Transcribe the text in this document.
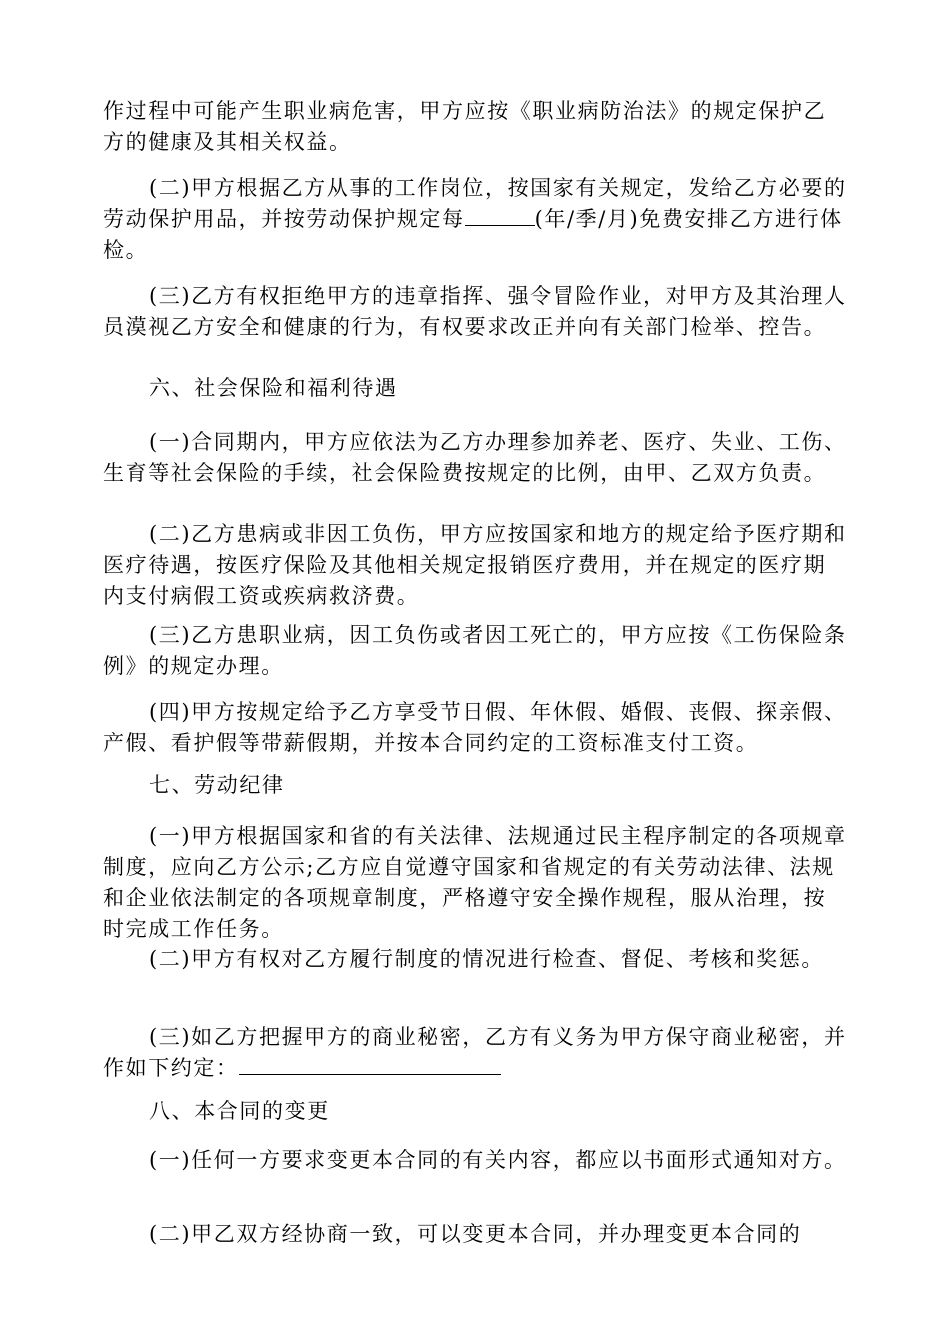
作过程中可能产生职业病危害，甲方应按《职业病防治法》的规定保护乙方的健康及其相关权益。

(二)甲方根据乙方从事的工作岗位，按国家有关规定，发给乙方必要的劳动保护用品，并按劳动保护规定每	(年/季/月)免费安排乙方进行体检。

(三)乙方有权拒绝甲方的违章指挥、强令冒险作业，对甲方及其治理人员漠视乙方安全和健康的行为，有权要求改正并向有关部门检举、控告。

六、社会保险和福利待遇

(一)合同期内，甲方应依法为乙方办理参加养老、医疗、失业、工伤、生育等社会保险的手续，社会保险费按规定的比例，由甲、乙双方负责。

(二)乙方患病或非因工负伤，甲方应按国家和地方的规定给予医疗期和医疗待遇，按医疗保险及其他相关规定报销医疗费用，并在规定的医疗期内支付病假工资或疾病救济费。

(三)乙方患职业病，因工负伤或者因工死亡的，甲方应按《工伤保险条例》的规定办理。

(四)甲方按规定给予乙方享受节日假、年休假、婚假、丧假、探亲假、产假、看护假等带薪假期，并按本合同约定的工资标准支付工资。

七、劳动纪律

(一)甲方根据国家和省的有关法律、法规通过民主程序制定的各项规章制度，应向乙方公示;乙方应自觉遵守国家和省规定的有关劳动法律、法规和企业依法制定的各项规章制度，严格遵守安全操作规程，服从治理，按时完成工作任务。

(二)甲方有权对乙方履行制度的情况进行检查、督促、考核和奖惩。

(三)如乙方把握甲方的商业秘密，乙方有义务为甲方保守商业秘密，并作如下约定：

八、本合同的变更

(一)任何一方要求变更本合同的有关内容，都应以书面形式通知对方。

(二)甲乙双方经协商一致，可以变更本合同，并办理变更本合同的
